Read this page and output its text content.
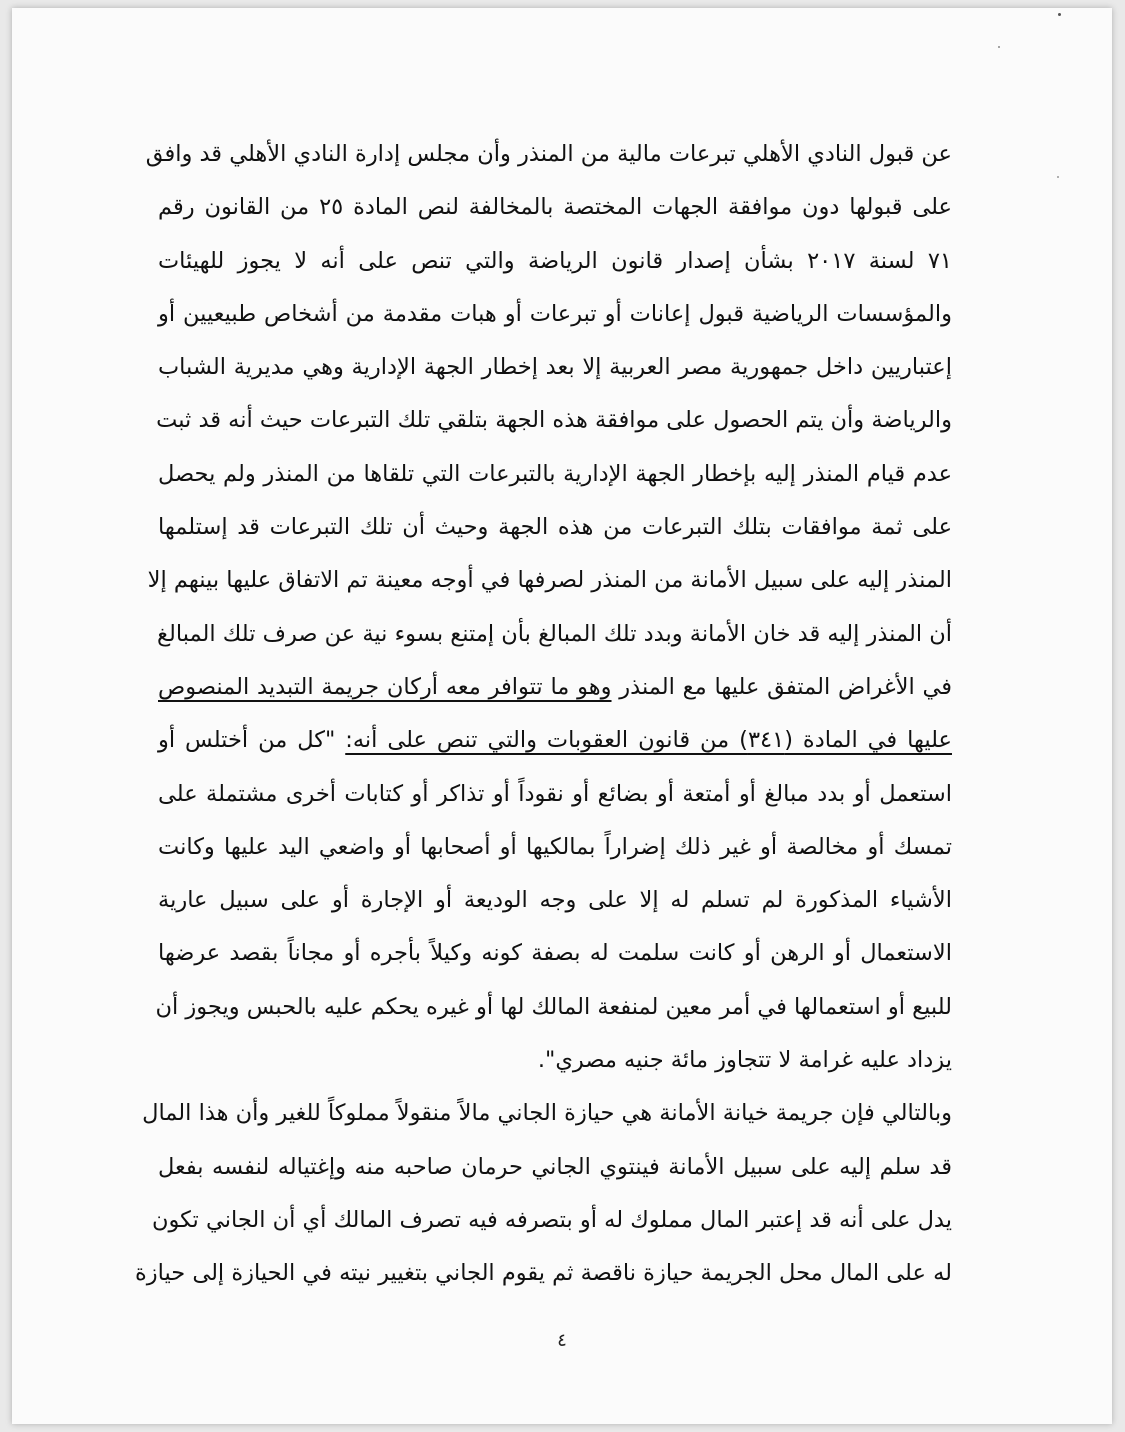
عن قبول النادي الأهلي تبرعات مالية من المنذر وأن مجلس إدارة النادي الأهلي قد وافق
على قبولها دون موافقة الجهات المختصة بالمخالفة لنص المادة ٢٥ من القانون رقم
٧١ لسنة ٢٠١٧ بشأن إصدار قانون الرياضة والتي تنص على أنه لا يجوز للهيئات
والمؤسسات الرياضية قبول إعانات أو تبرعات أو هبات مقدمة من أشخاص طبيعيين أو
إعتباريين داخل جمهورية مصر العربية إلا بعد إخطار الجهة الإدارية وهي مديرية الشباب
والرياضة وأن يتم الحصول على موافقة هذه الجهة بتلقي تلك التبرعات حيث أنه قد ثبت
عدم قيام المنذر إليه بإخطار الجهة الإدارية بالتبرعات التي تلقاها من المنذر ولم يحصل
على ثمة موافقات بتلك التبرعات من هذه الجهة وحيث أن تلك التبرعات قد إستلمها
المنذر إليه على سبيل الأمانة من المنذر لصرفها في أوجه معينة تم الاتفاق عليها بينهم إلا
أن المنذر إليه قد خان الأمانة وبدد تلك المبالغ بأن إمتنع بسوء نية عن صرف تلك المبالغ
في الأغراض المتفق عليها مع المنذر وهو ما تتوافر معه أركان جريمة التبديد المنصوص
عليها في المادة (٣٤١) من قانون العقوبات والتي تنص على أنه: "كل من أختلس أو
استعمل أو بدد مبالغ أو أمتعة أو بضائع أو نقوداً أو تذاكر أو كتابات أخرى مشتملة على
تمسك أو مخالصة أو غير ذلك إضراراً بمالكيها أو أصحابها أو واضعي اليد عليها وكانت
الأشياء المذكورة لم تسلم له إلا على وجه الوديعة أو الإجارة أو على سبيل عارية
الاستعمال أو الرهن أو كانت سلمت له بصفة كونه وكيلاً بأجره أو مجاناً بقصد عرضها
للبيع أو استعمالها في أمر معين لمنفعة المالك لها أو غيره يحكم عليه بالحبس ويجوز أن
يزداد عليه غرامة لا تتجاوز مائة جنيه مصري".
وبالتالي فإن جريمة خيانة الأمانة هي حيازة الجاني مالاً منقولاً مملوكاً للغير وأن هذا المال
قد سلم إليه على سبيل الأمانة فينتوي الجاني حرمان صاحبه منه وإغتياله لنفسه بفعل
يدل على أنه قد إعتبر المال مملوك له أو بتصرفه فيه تصرف المالك أي أن الجاني تكون
له على المال محل الجريمة حيازة ناقصة ثم يقوم الجاني بتغيير نيته في الحيازة إلى حيازة
٤
